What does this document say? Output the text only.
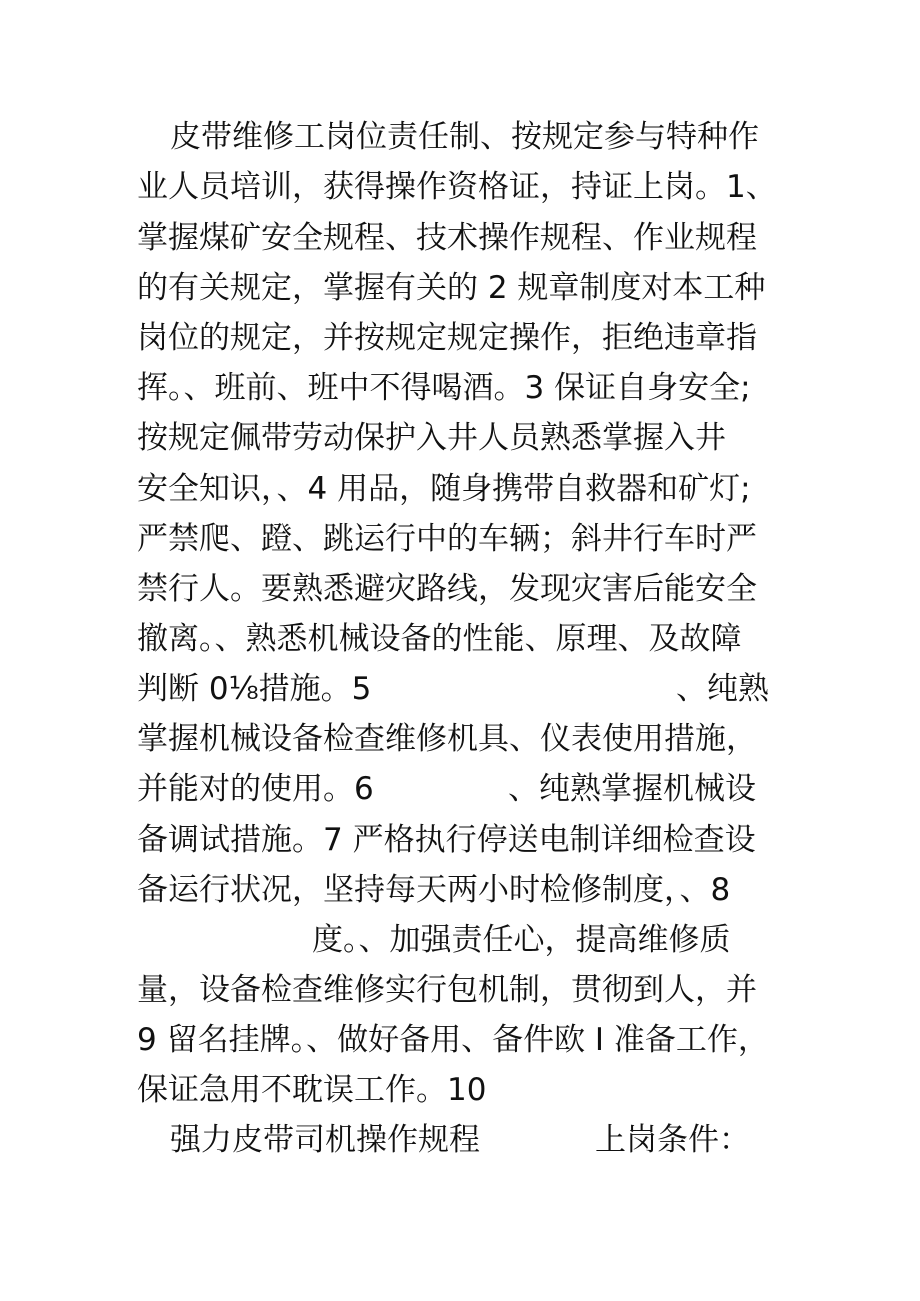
皮带维修工岗位责任制、按规定参与特种作
业人员培训，获得操作资格证，持证上岗。1、
掌握煤矿安全规程、技术操作规程、作业规程
的有关规定，掌握有关的 2 规章制度对本工种
岗位的规定，并按规定规定操作，拒绝违章指
挥。、班前、班中不得喝酒。3 保证自身安全;
按规定佩带劳动保护入井人员熟悉掌握入井
安全知识，、4 用品，随身携带自救器和矿灯;
严禁爬、蹬、跳运行中的车辆；斜井行车时严
禁行人。要熟悉避灾路线，发现灾害后能安全
撤离。、熟悉机械设备的性能、原理、及故障
判断 0⅛措施。5	、纯熟
掌握机械设备检查维修机具、仪表使用措施，
并能对的使用。6	、纯熟掌握机械设
备调试措施。7 严格执行停送电制详细检查设
备运行状况，坚持每天两小时检修制度，、8
度。、加强责任心，提高维修质
量，设备检查维修实行包机制，贯彻到人，并
9 留名挂牌。、做好备用、备件欧 I 准备工作，
保证急用不耽误工作。10
强力皮带司机操作规程	上岗条件：
